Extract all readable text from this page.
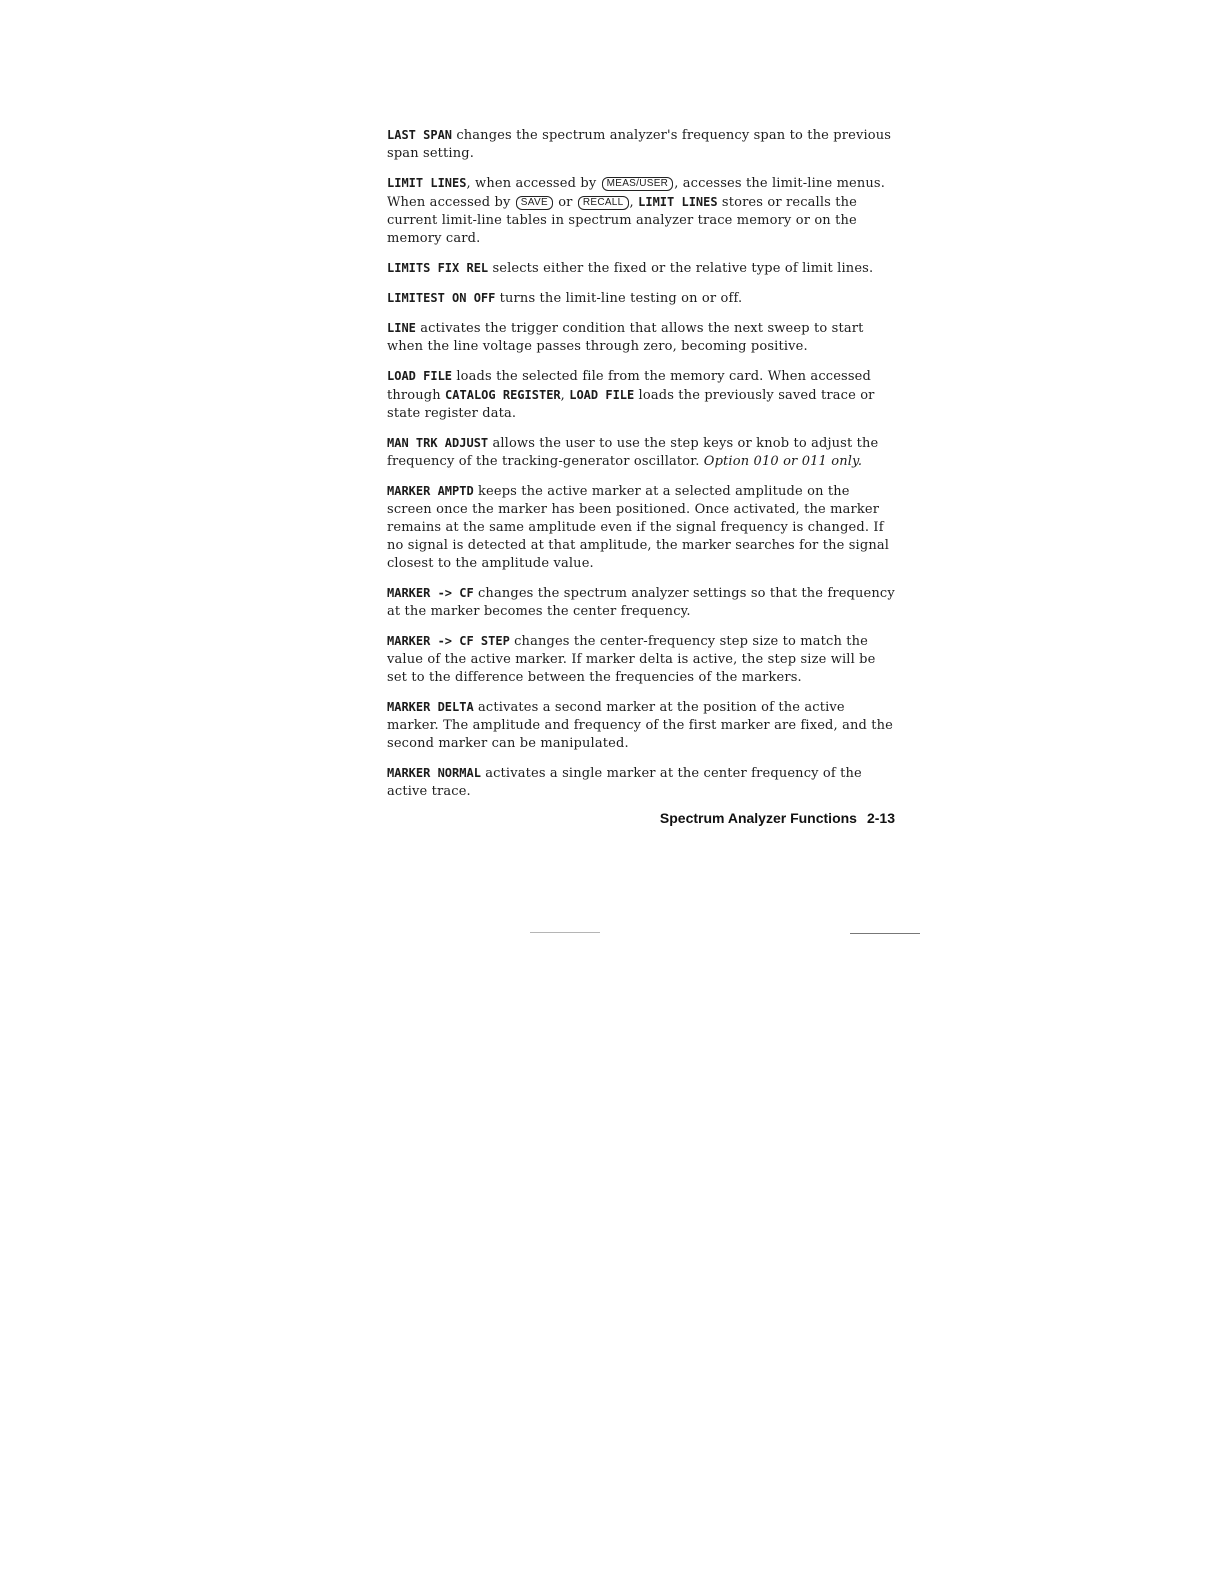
LAST SPAN changes the spectrum analyzer's frequency span to the previous span setting.

LIMIT LINES, when accessed by MEAS/USER , accesses the limit-line menus. When accessed by SAVE or RECALL , LIMIT LINES stores or recalls the current limit-line tables in spectrum analyzer trace memory or on the memory card.

LIMITS FIX REL selects either the fixed or the relative type of limit lines.

LIMITEST ON OFF turns the limit-line testing on or off.

LINE activates the trigger condition that allows the next sweep to start when the line voltage passes through zero, becoming positive.

LOAD FILE loads the selected file from the memory card. When accessed through CATALOG REGISTER, LOAD FILE loads the previously saved trace or state register data.

MAN TRK ADJUST allows the user to use the step keys or knob to adjust the frequency of the tracking-generator oscillator. Option 010 or 011 only.

MARKER AMPTD keeps the active marker at a selected amplitude on the screen once the marker has been positioned. Once activated, the marker remains at the same amplitude even if the signal frequency is changed. If no signal is detected at that amplitude, the marker searches for the signal closest to the amplitude value.

MARKER -> CF changes the spectrum analyzer settings so that the frequency at the marker becomes the center frequency.

MARKER -> CF STEP changes the center-frequency step size to match the value of the active marker. If marker delta is active, the step size will be set to the difference between the frequencies of the markers.

MARKER DELTA activates a second marker at the position of the active marker. The amplitude and frequency of the first marker are fixed, and the second marker can be manipulated.

MARKER NORMAL activates a single marker at the center frequency of the active trace.

Spectrum Analyzer Functions 2-13
